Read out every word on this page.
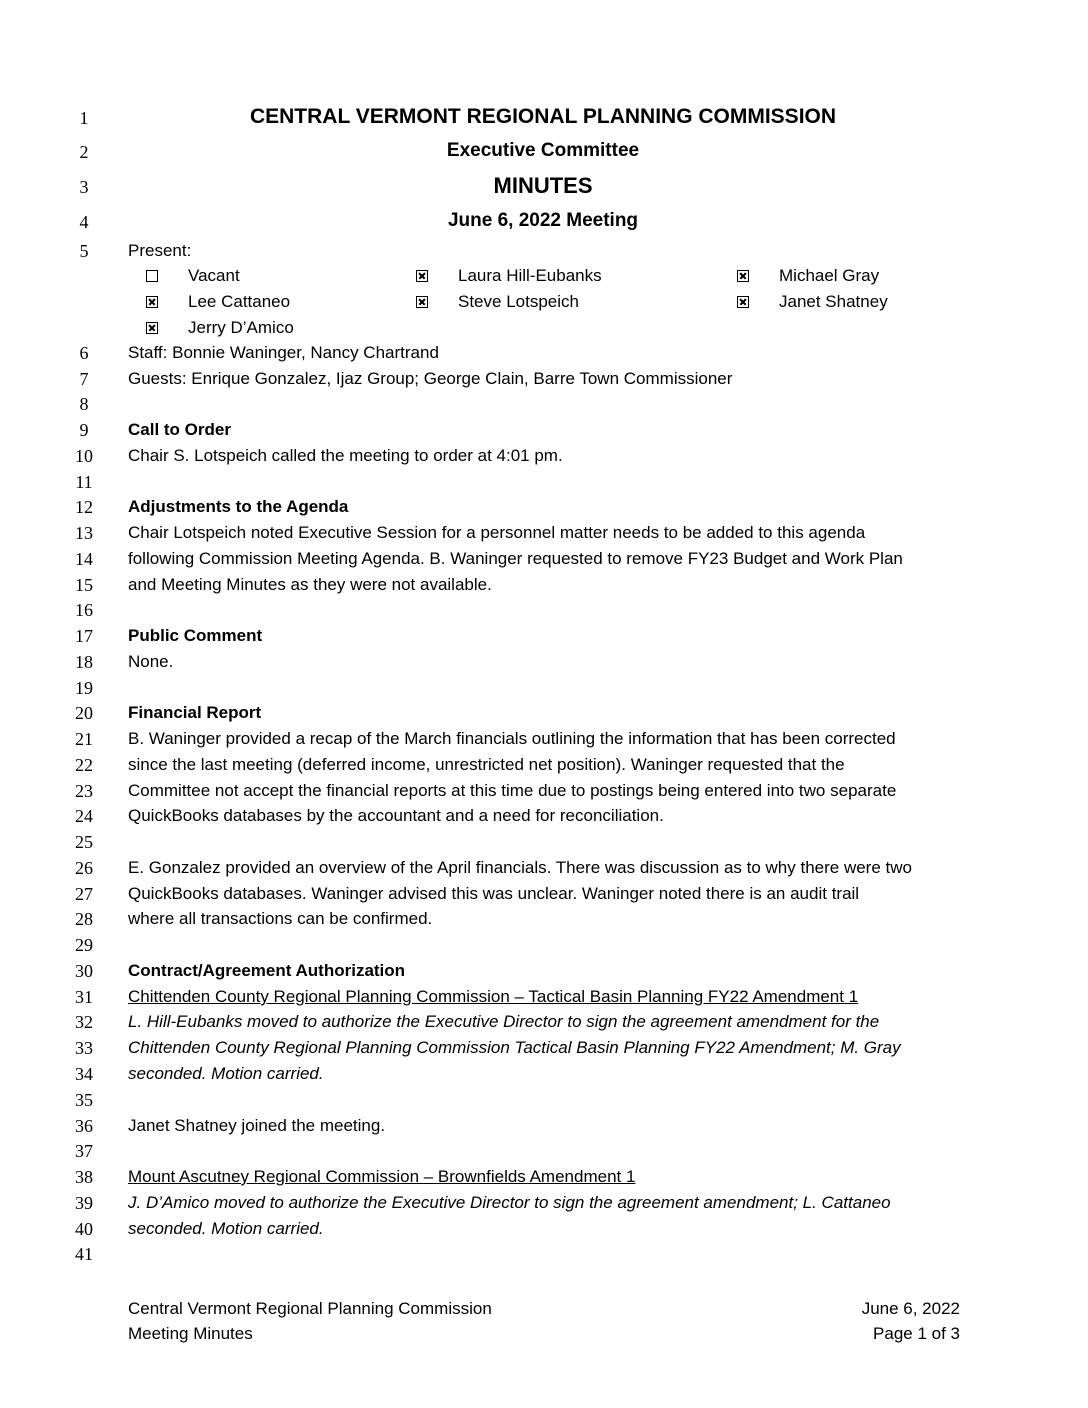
1
2
3
4
5
6
7
8
9
10
11
12
13
14
15
16
17
18
19
20
21
22
23
24
25
26
27
28
29
30
31
32
33
34
35
36
37
38
39
40
41
CENTRAL VERMONT REGIONAL PLANNING COMMISSION
Executive Committee
MINUTES
June 6, 2022 Meeting
Present:
Vacant	Laura Hill-Eubanks	Michael Gray
Lee Cattaneo	Steve Lotspeich	Janet Shatney
Jerry D’Amico
Staff: Bonnie Waninger, Nancy Chartrand
Guests: Enrique Gonzalez, Ijaz Group; George Clain, Barre Town Commissioner
Call to Order
Chair S. Lotspeich called the meeting to order at 4:01 pm.
Adjustments to the Agenda
Chair Lotspeich noted Executive Session for a personnel matter needs to be added to this agenda
following Commission Meeting Agenda. B. Waninger requested to remove FY23 Budget and Work Plan
and Meeting Minutes as they were not available.
Public Comment
None.
Financial Report
B. Waninger provided a recap of the March financials outlining the information that has been corrected
since the last meeting (deferred income, unrestricted net position). Waninger requested that the
Committee not accept the financial reports at this time due to postings being entered into two separate
QuickBooks databases by the accountant and a need for reconciliation.
E. Gonzalez provided an overview of the April financials. There was discussion as to why there were two
QuickBooks databases. Waninger advised this was unclear. Waninger noted there is an audit trail
where all transactions can be confirmed.
Contract/Agreement Authorization
Chittenden County Regional Planning Commission – Tactical Basin Planning FY22 Amendment 1
L. Hill-Eubanks moved to authorize the Executive Director to sign the agreement amendment for the
Chittenden County Regional Planning Commission Tactical Basin Planning FY22 Amendment; M. Gray
seconded. Motion carried.
Janet Shatney joined the meeting.
Mount Ascutney Regional Commission – Brownfields Amendment 1
J. D’Amico moved to authorize the Executive Director to sign the agreement amendment; L. Cattaneo
seconded. Motion carried.
Central Vermont Regional Planning Commission
Meeting Minutes
June 6, 2022
Page 1 of 3
